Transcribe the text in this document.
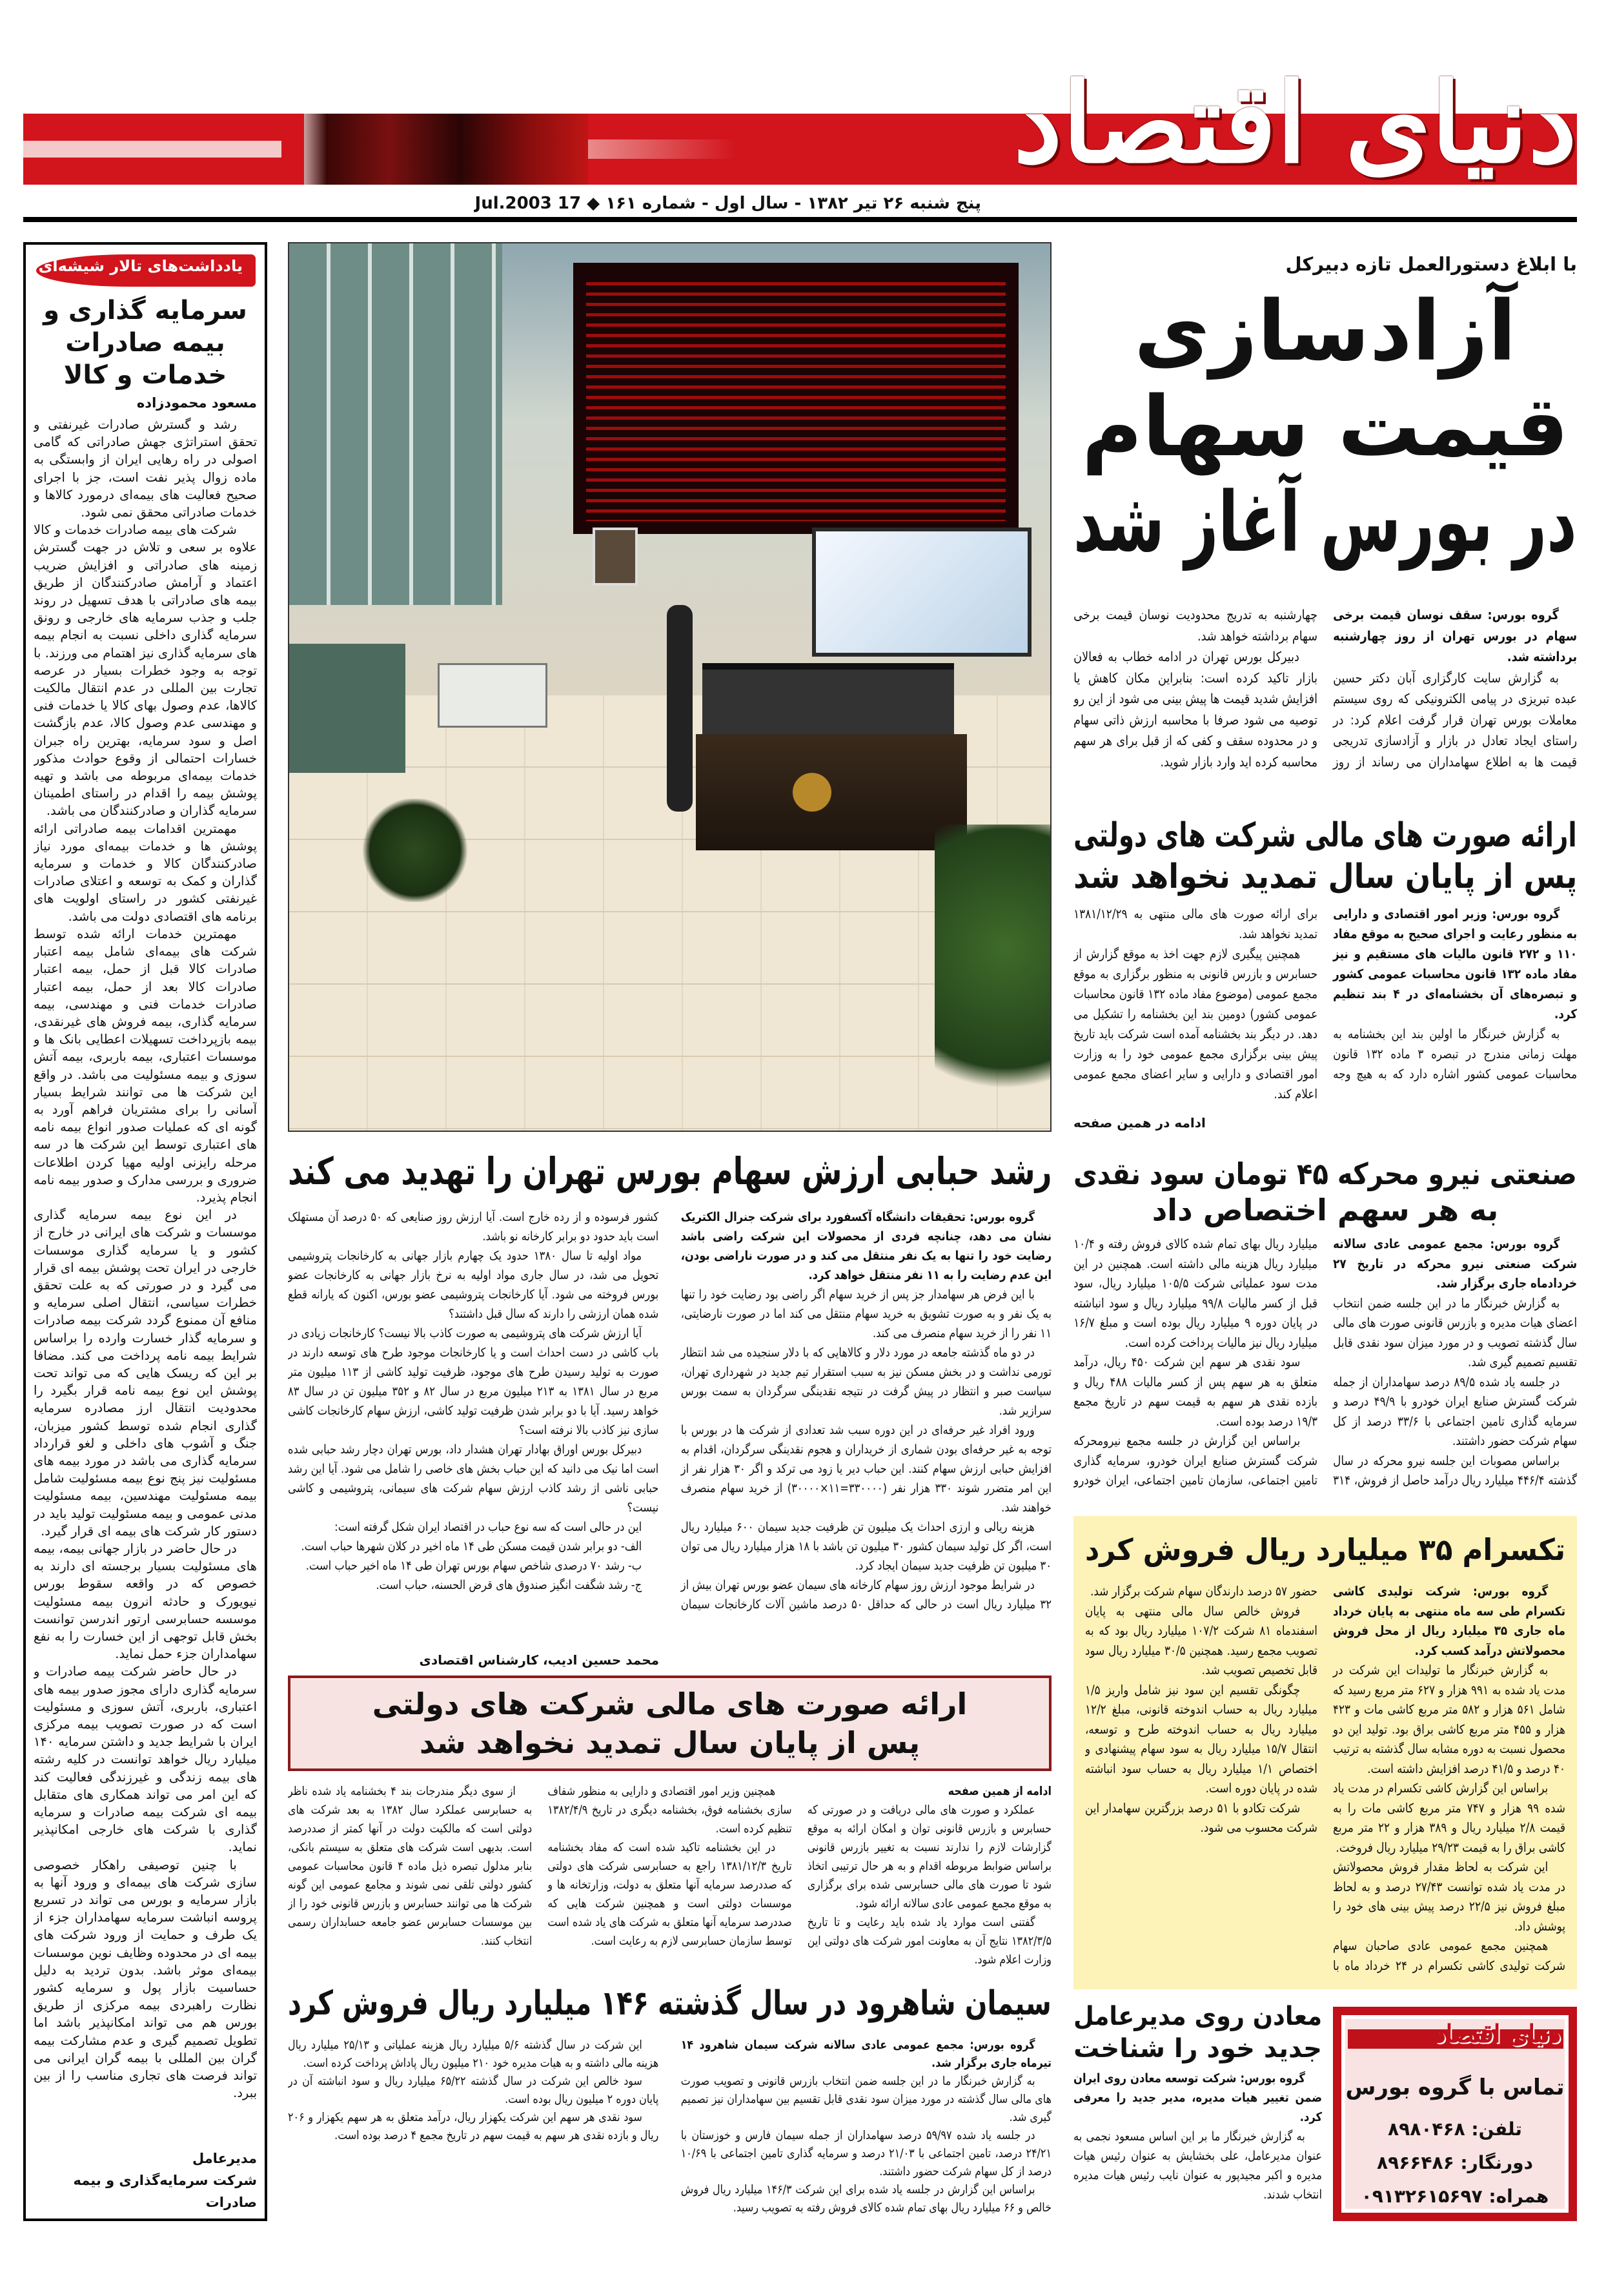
دنیای اقتصاد
پنج شنبه ۲۶ تیر ۱۳۸۲ - سال اول - شماره ۱۶۱ ◆ 17 Jul.2003
یادداشت‌های تالار شیشه‌ای
سرمایه گذاری و بیمه صادرات خدمات و کالا
مسعود محمودزاده

رشد و گسترش صادرات غیرنفتی و تحقق استراتژی جهش صادراتی که گامی اصولی در راه رهایی ایران از وابستگی به ماده زوال پذیر نفت است، جز با اجرای صحیح فعالیت های بیمه‌ای درمورد کالاها و خدمات صادراتی محقق نمی شود.

شرکت های بیمه صادرات خدمات و کالا علاوه بر سعی و تلاش در جهت گسترش زمینه های صادراتی و افزایش ضریب اعتماد و آرامش صادرکنندگان از طریق بیمه های صادراتی با هدف تسهیل در روند جلب و جذب سرمایه های خارجی و رونق سرمایه گذاری داخلی نسبت به انجام بیمه های سرمایه گذاری نیز اهتمام می ورزند. با توجه به وجود خطرات بسیار در عرصه تجارت بین المللی در عدم انتقال مالکیت کالاها، عدم وصول بهای کالا یا خدمات فنی و مهندسی عدم وصول کالا، عدم بازگشت اصل و سود سرمایه، بهترین راه جبران خسارات احتمالی از وقوع حوادث مذکور خدمات بیمه‌ای مربوطه می باشد و تهیه پوشش بیمه را اقدام در راستای اطمینان سرمایه گذاران و صادرکنندگان می باشد.

مهمترین اقدامات بیمه صادراتی ارائه پوشش ها و خدمات بیمه‌ای مورد نیاز صادرکنندگان کالا و خدمات و سرمایه گذاران و کمک به توسعه و اعتلای صادرات غیرنفتی کشور در راستای اولویت های برنامه های اقتصادی دولت می باشد.

مهمترین خدمات ارائه شده توسط شرکت های بیمه‌ای شامل بیمه اعتبار صادرات کالا قبل از حمل، بیمه اعتبار صادرات کالا بعد از حمل، بیمه اعتبار صادرات خدمات فنی و مهندسی، بیمه سرمایه گذاری، بیمه فروش های غیرنقدی، بیمه بازپرداخت تسهیلات اعطایی بانک ها و موسسات اعتباری، بیمه باربری، بیمه آتش سوزی و بیمه مسئولیت می باشد. در واقع این شرکت ها می توانند شرایط بسیار آسانی را برای مشتریان فراهم آورد به گونه ای که عملیات صدور انواع بیمه نامه های اعتباری توسط این شرکت ها در سه مرحله رایزنی اولیه مهیا کردن اطلاعات ضروری و بررسی مدارک و صدور بیمه نامه انجام پذیرد.

در این نوع بیمه سرمایه گذاری موسسات و شرکت های ایرانی در خارج از کشور و یا سرمایه گذاری موسسات خارجی در ایران تحت پوشش بیمه ای قرار می گیرد و در صورتی که به علت تحقق خطرات سیاسی، انتقال اصلی سرمایه و منافع آن ممنوع گردد شرکت بیمه صادرات و سرمایه گذار خسارت وارده را براساس شرایط بیمه نامه پرداخت می کند. مضافا بر این که ریسک هایی که می تواند تحت پوشش این نوع بیمه نامه قرار بگیرد را محدودیت انتقال ارز مصادره سرمایه گذاری انجام شده توسط کشور میزبان، جنگ و آشوب های داخلی و لغو قرارداد سرمایه گذاری می باشد در مورد بیمه های مسئولیت نیز پنج نوع بیمه مسئولیت شامل بیمه مسئولیت مهندسین، بیمه مسئولیت مدنی عمومی و بیمه مسئولیت تولید باید در دستور کار شرکت های بیمه ای قرار گیرد.

در حال حاضر در بازار جهانی بیمه، بیمه های مسئولیت بسیار برجسته ای دارند به خصوص که در واقعه سقوط بورس نیویورک و حادثه انرون بیمه مسئولیت موسسه حسابرسی ارتور اندرسن توانست بخش قابل توجهی از این خسارت را به نفع سهامداران جزء حمل نماید.

در حال حاضر شرکت بیمه صادرات و سرمایه گذاری دارای مجوز صدور بیمه های اعتباری، باربری، آتش سوزی و مسئولیت است که در صورت تصویب بیمه مرکزی ایران با شرایط جدید و داشتن سرمایه ۱۴۰ میلیارد ریال خواهد توانست در کلیه رشته های بیمه زندگی و غیرزندگی فعالیت کند که این امر می تواند همکاری های متقابل بیمه ای شرکت بیمه صادرات و سرمایه گذاری با شرکت های خارجی امکانپذیر نماید.

با چنین توصیفی راهکار خصوصی سازی شرکت های بیمه‌ای و ورود آنها به بازار سرمایه و بورس می تواند در تسریع پروسه انباشت سرمایه سهامداران جزء از یک طرف و حمایت از ورود شرکت های بیمه ای در محدوده وظایف نوین موسسات بیمه‌ای موثر باشد. بدون تردید به دلیل حساسیت بازار پول و سرمایه کشور نظارت راهبردی بیمه مرکزی از طریق بورس هم می تواند امکانپذیر باشد اما تطویل تصمیم گیری و عدم مشارکت بیمه گران بین المللی با بیمه گران ایرانی می تواند فرصت های تجاری مناسب را از بین ببرد.

مدیرعامل
شرکت سرمایه‌گذاری و بیمه صادرات
با ابلاغ دستورالعمل تازه دبیرکل
آزادسازی
قیمت سهام
در بورس آغاز شد

گروه بورس: سقف نوسان قیمت برخی سهام در بورس تهران از روز چهارشنبه برداشته شد.

به گزارش سایت کارگزاری آبان دکتر حسین عبده تبریزی در پیامی الکترونیکی که روی سیستم معاملات بورس تهران قرار گرفت اعلام کرد: در راستای ایجاد تعادل در بازار و آزادسازی تدریجی قیمت ها به اطلاع سهامداران می رساند از روز چهارشنبه به تدریج محدودیت نوسان قیمت برخی سهام برداشته خواهد شد.

دبیرکل بورس تهران در ادامه خطاب به فعالان بازار تاکید کرده است: بنابراین مکان کاهش یا افزایش شدید قیمت ها پیش بینی می شود از این رو توصیه می شود صرفا با محاسبه ارزش ذاتی سهام و در محدوده سقف و کفی که از قبل برای هر سهم محاسبه کرده اید وارد بازار شوید.

ارائه صورت های مالی شرکت های دولتی
پس از پایان سال تمدید نخواهد شد

گروه بورس: وزیر امور اقتصادی و دارایی به منظور رعایت و اجرای صحیح به موقع مفاد ۱۱۰ و ۲۷۲ قانون مالیات های مستقیم و نیز مفاد ماده ۱۳۲ قانون محاسبات عمومی کشور و تبصره‌های آن بخشنامه‌ای در ۴ بند تنظیم کرد.

به گزارش خبرنگار ما اولین بند این بخشنامه به مهلت زمانی مندرج در تبصره ۳ ماده ۱۳۲ قانون محاسبات عمومی کشور اشاره دارد که به هیچ وجه برای ارائه صورت های مالی منتهی به ۱۳۸۱/۱۲/۲۹ تمدید نخواهد شد.

همچنین پیگیری لازم جهت اخذ به موقع گزارش از حسابرس و بازرس قانونی به منظور برگزاری به موقع مجمع عمومی (موضوع مفاد ماده ۱۳۲ قانون محاسبات عمومی کشور) دومین بند این بخشنامه را تشکیل می دهد. در دیگر بند بخشنامه آمده است شرکت باید تاریخ پیش بینی برگزاری مجمع عمومی خود را به وزارت امور اقتصادی و دارایی و سایر اعضای مجمع عمومی اعلام کند.

ادامه در همین صفحه
صنعتی نیرو محرکه ۴۵ تومان سود نقدی
به هر سهم اختصاص داد

گروه بورس: مجمع عمومی عادی سالانه شرکت صنعتی نیرو محرکه در تاریخ ۲۷ خردادماه جاری برگزار شد.

به گزارش خبرنگار ما در این جلسه ضمن انتخاب اعضای هیات مدیره و بازرس قانونی صورت های مالی سال گذشته تصویب و در مورد میزان سود نقدی قابل تقسیم تصمیم گیری شد.

در جلسه یاد شده ۸۹/۵ درصد سهامداران از جمله شرکت گسترش صنایع ایران خودرو با ۴۹/۹ درصد و سرمایه گذاری تامین اجتماعی با ۳۳/۶ درصد از کل سهام شرکت حضور داشتند.

براساس مصوبات این جلسه نیرو محرکه در سال گذشته ۴۴۶/۴ میلیارد ریال درآمد حاصل از فروش، ۳۱۴ میلیارد ریال بهای تمام شده کالای فروش رفته و ۱۰/۴ میلیارد ریال هزینه مالی داشته است. همچنین در این مدت سود عملیاتی شرکت ۱۰۵/۵ میلیارد ریال، سود قبل از کسر مالیات ۹۹/۸ میلیارد ریال و سود انباشته در پایان دوره ۹ میلیارد ریال بوده است و مبلغ ۱۶/۷ میلیارد ریال نیز مالیات پرداخت کرده است.

سود نقدی هر سهم این شرکت ۴۵۰ ریال، درآمد متعلق به هر سهم پس از کسر مالیات ۴۸۸ ریال و بازده نقدی هر سهم به قیمت سهم در تاریخ مجمع ۱۹/۳ درصد بوده است.

براساس این گزارش در جلسه مجمع نیرومحرکه شرکت گسترش صنایع ایران خودرو، سرمایه گذاری تامین اجتماعی، سازمان تامین اجتماعی، ایران خودرو

تکسرام ۳۵ میلیارد ریال فروش کرد

گروه بورس: شرکت تولیدی کاشی تکسرام طی سه ماه منتهی به پایان خرداد ماه جاری ۳۵ میلیارد ریال از محل فروش محصولاتش درآمد کسب کرد.

به گزارش خبرنگار ما تولیدات این شرکت در مدت یاد شده به ۹۹۱ هزار و ۶۲۷ متر مربع رسید که شامل ۵۶۱ هزار و ۵۸۲ متر مربع کاشی مات و ۴۲۳ هزار و ۴۵۵ متر مربع کاشی براق بود. تولید این دو محصول نسبت به دوره مشابه سال گذشته به ترتیب ۴۰ درصد و ۴۱/۵ درصد افزایش داشته است.

براساس این گزارش کاشی تکسرام در مدت یاد شده ۹۹ هزار و ۷۴۷ متر مربع کاشی مات را به قیمت ۲/۸ میلیارد ریال و ۳۸۹ هزار و ۲۲ متر مربع کاشی براق را به قیمت ۲۹/۲۳ میلیارد ریال فروخت.

این شرکت به لحاظ مقدار فروش محصولاتش در مدت یاد شده توانست ۲۷/۴۳ درصد و به لحاظ مبلغ فروش نیز ۲۲/۵ درصد پیش بینی های خود را پوشش داد.

همچنین مجمع عمومی عادی صاحبان سهام شرکت تولیدی کاشی تکسرام در ۲۴ خرداد ماه با حضور ۵۷ درصد دارندگان سهام شرکت برگزار شد.

فروش خالص سال مالی منتهی به پایان اسفندماه ۸۱ شرکت ۱۰۷/۲ میلیارد ریال بود که به تصویب مجمع رسید. همچنین ۳۰/۵ میلیارد ریال سود قابل تخصیص تصویب شد.

چگونگی تقسیم این سود نیز شامل واریز ۱/۵ میلیارد ریال به حساب اندوخته قانونی، مبلغ ۱۲/۲ میلیارد ریال به حساب اندوخته طرح و توسعه، انتقال ۱۵/۷ میلیارد ریال به سود سهام پیشنهادی و اختصاص ۱/۱ میلیارد ریال به حساب سود انباشته شده در پایان دوره است.

شرکت تکادو با ۵۱ درصد بزرگترین سهامدار این شرکت محسوب می شود.

معادن روی مدیرعامل
جدید خود را شناخت

گروه بورس: شرکت توسعه معادن روی ایران ضمن تغییر هیات مدیره، مدیر جدید را معرفی کرد.

به گزارش خبرنگار ما بر این اساس مسعود نجمی به عنوان مدیرعامل، علی بخشایش به عنوان رئیس هیات مدیره و اکبر مجیدپور به عنوان نایب رئیس هیات مدیره انتخاب شدند.

دنیای اقتصاد
تماس با گروه بورس
تلفن: ۸۹۸۰۴۶۸
دورنگار: ۸۹۶۶۴۸۶
همراه: ۰۹۱۳۲۶۱۵۶۹۷
رشد حبابی ارزش سهام بورس تهران را تهدید می کند

گروه بورس: تحقیقات دانشگاه آکسفورد برای شرکت جنرال الکتریک نشان می دهد، چنانچه فردی از محصولات این شرکت راضی باشد رضایت خود را تنها به یک نفر منتقل می کند و در صورت ناراضی بودن، این عدم رضایت را به ۱۱ نفر منتقل خواهد کرد.

با این فرض هر سهامدار جز پس از خرید سهام اگر راضی بود رضایت خود را تنها به یک نفر و به صورت تشویق به خرید سهام منتقل می کند اما در صورت نارضایتی، ۱۱ نفر را از خرید سهام منصرف می کند.

در دو ماه گذشته جامعه در مورد دلار و کالاهایی که با دلار سنجیده می شد انتظار تورمی نداشت و در بخش مسکن نیز به سبب استقرار تیم جدید در شهرداری تهران، سیاست صبر و انتظار در پیش گرفت در نتیجه نقدینگی سرگردان به سمت بورس سرازیر شد.

ورود افراد غیر حرفه‌ای در این دوره سبب شد تعدادی از شرکت ها در بورس با توجه به غیر حرفه‌ای بودن شماری از خریداران و هجوم نقدینگی سرگردان، اقدام به افزایش حبابی ارزش سهام کنند. این حباب دیر یا زود می ترکد و اگر ۳۰ هزار نفر از این امر متضرر شوند ۳۳۰ هزار نفر (۳۳۰۰۰۰=۱۱×۳۰۰۰۰) از خرید سهام منصرف خواهند شد.

هزینه ریالی و ارزی احداث یک میلیون تن ظرفیت جدید سیمان ۶۰۰ میلیارد ریال است، اگر کل تولید سیمان کشور ۳۰ میلیون تن باشد با ۱۸ هزار میلیارد ریال می توان ۳۰ میلیون تن ظرفیت جدید سیمان ایجاد کرد.

در شرایط موجود ارزش روز سهام کارخانه های سیمان عضو بورس تهران بیش از ۳۲ میلیارد ریال است در حالی که حداقل ۵۰ درصد ماشین آلات کارخانجات سیمان کشور فرسوده و از رده خارج است. آیا ارزش روز صنایعی که ۵۰ درصد آن مستهلک است باید حدود دو برابر کارخانه نو باشد.

مواد اولیه تا سال ۱۳۸۰ حدود یک چهارم بازار جهانی به کارخانجات پتروشیمی تحویل می شد، در سال جاری مواد اولیه به نرخ بازار جهانی به کارخانجات عضو بورس فروخته می شود. آیا کارخانجات پتروشیمی عضو بورس، اکنون که یارانه قطع شده همان ارزشی را دارند که سال قبل داشتند؟

آیا ارزش شرکت های پتروشیمی به صورت کاذب بالا نیست؟ کارخانجات زیادی در باب کاشی در دست احداث است و یا کارخانجات موجود طرح های توسعه دارند در صورت به تولید رسیدن طرح های موجود، ظرفیت تولید کاشی از ۱۱۳ میلیون متر مربع در سال ۱۳۸۱ به ۲۱۳ میلیون مربع در سال ۸۲ و ۳۵۲ میلیون تن در سال ۸۳ خواهد رسید. آیا با دو برابر شدن ظرفیت تولید کاشی، ارزش سهام کارخانجات کاشی سازی نیز کاذب بالا نرفته است؟

دبیرکل بورس اوراق بهادار تهران هشدار داد، بورس تهران دچار رشد حبابی شده است اما نیک می دانید که این حباب بخش های خاصی را شامل می شود. آیا این رشد حبابی ناشی از رشد کاذب ارزش سهام شرکت های سیمانی، پتروشیمی و کاشی نیست؟

این در حالی است که سه نوع حباب در اقتصاد ایران شکل گرفته است:

الف- دو برابر شدن قیمت مسکن طی ۱۴ ماه اخیر در کلان شهرها حباب است.

ب- رشد ۷۰ درصدی شاخص سهام بورس تهران طی ۱۴ ماه اخیر حباب است.

ج- رشد شگفت انگیز صندوق های قرض الحسنه، حباب است.

محمد حسین ادیب، کارشناس اقتصادی
ارائه صورت های مالی شرکت های دولتی
پس از پایان سال تمدید نخواهد شد

ادامه از همین صفحه

عملکرد و صورت های مالی دریافت و در صورتی که حسابرس و بازرس قانونی توان و امکان ارائه به موقع گزارشات لازم را ندارند نسبت به تغییر بازرس قانونی براساس ضوابط مربوطه اقدام و به هر حال ترتیبی اتخاذ شود تا صورت های مالی حسابرسی شده برای برگزاری به موقع مجمع عمومی عادی سالانه ارائه شود.

گفتنی است موارد یاد شده باید رعایت و تا تاریخ ۱۳۸۲/۳/۵ نتایج آن به معاونت امور شرکت های دولتی این وزارت اعلام شود.

همچنین وزیر امور اقتصادی و دارایی به منظور شفاف سازی بخشنامه فوق، بخشنامه دیگری در تاریخ ۱۳۸۲/۴/۹ تنظیم کرده است.

در این بخشنامه تاکید شده است که مفاد بخشنامه تاریخ ۱۳۸۱/۱۲/۳ راجع به حسابرسی شرکت های دولتی که صددرصد سرمایه آنها متعلق به دولت، وزارتخانه ها و موسسات دولتی است و همچنین شرکت هایی که صددرصد سرمایه آنها متعلق به شرکت های یاد شده است توسط سازمان حسابرسی لازم به رعایت است.

از سوی دیگر مندرجات بند ۴ بخشنامه یاد شده ناظر به حسابرسی عملکرد سال ۱۳۸۲ به بعد شرکت های دولتی است که مالکیت دولت در آنها کمتر از صددرصد است. بدیهی است شرکت های متعلق به سیستم بانکی، بنابر مدلول تبصره ذیل ماده ۴ قانون محاسبات عمومی کشور دولتی تلقی نمی شوند و مجامع عمومی این گونه شرکت ها می توانند حسابرس و بازرس قانونی خود را از بین موسسات حسابرس عضو جامعه حسابداران رسمی انتخاب کنند.

سیمان شاهرود در سال گذشته ۱۴۶ میلیارد ریال فروش کرد

گروه بورس: مجمع عمومی عادی سالانه شرکت سیمان شاهرود ۱۴ تیرماه جاری برگزار شد.

به گزارش خبرنگار ما در این جلسه ضمن انتخاب بازرس قانونی و تصویب صورت های مالی سال گذشته در مورد میزان سود نقدی قابل تقسیم بین سهامداران نیز تصمیم گیری شد.

در جلسه یاد شده ۵۹/۹۷ درصد سهامداران از جمله سیمان فارس و خوزستان با ۲۴/۲۱ درصد، تامین اجتماعی با ۲۱/۰۳ درصد و سرمایه گذاری تامین اجتماعی با ۱۰/۶۹ درصد از کل سهام شرکت حضور داشتند.

براساس این گزارش در جلسه یاد شده برای این شرکت ۱۴۶/۳ میلیارد ریال فروش خالص و ۶۶ میلیارد ریال بهای تمام شده کالای فروش رفته به تصویب رسید.

این شرکت در سال گذشته ۵/۶ میلیارد ریال هزینه عملیاتی و ۲۵/۱۳ میلیارد ریال هزینه مالی داشته و به هیات مدیره خود ۲۱۰ میلیون ریال پاداش پرداخت کرده است.

سود خالص این شرکت در سال گذشته ۶۵/۲۲ میلیارد ریال و سود انباشته آن در پایان دوره ۲ میلیون ریال بوده است.

سود نقدی هر سهم این شرکت یکهزار ریال، درآمد متعلق به هر سهم یکهزار و ۲۰۶ ریال و بازده نقدی هر سهم به قیمت سهم در تاریخ مجمع ۴ درصد بوده است.
